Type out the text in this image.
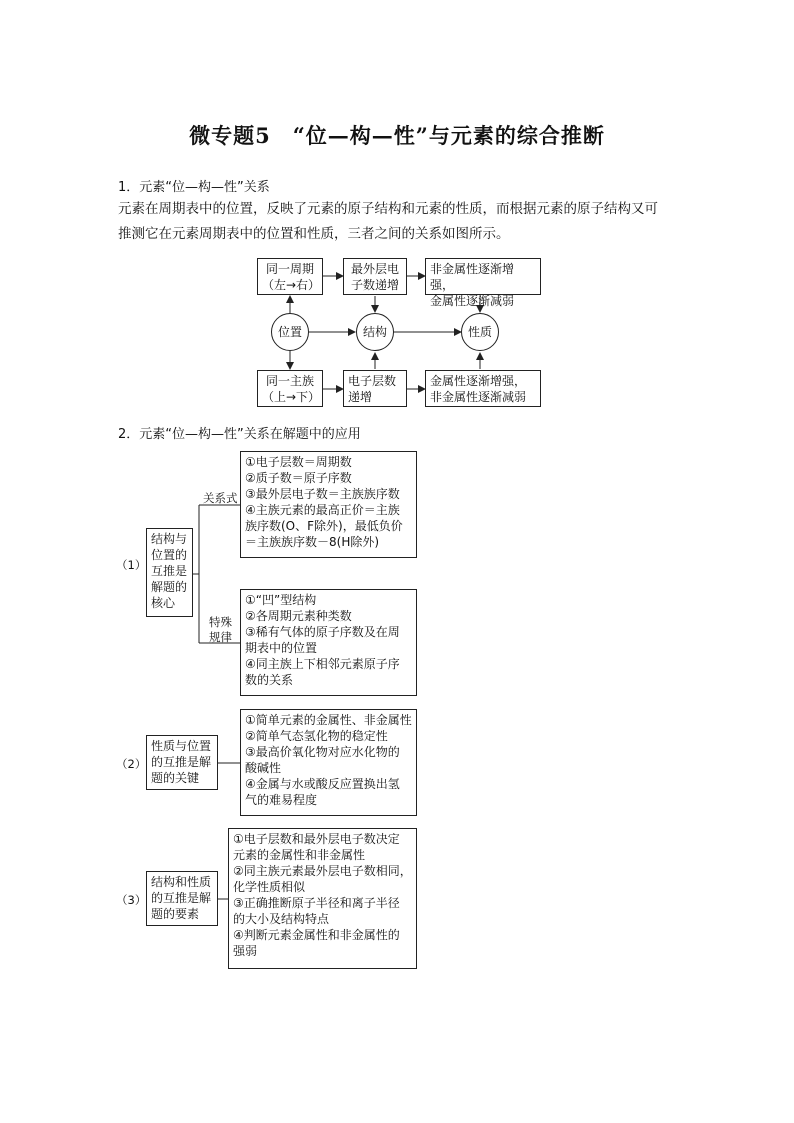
微专题5　“位—构—性”与元素的综合推断
1．元素“位—构—性”关系
元素在周期表中的位置，反映了元素的原子结构和元素的性质，而根据元素的原子结构又可
推测它在元素周期表中的位置和性质，三者之间的关系如图所示。
同一周期
（左→右）
最外层电
子数递增
非金属性逐渐增强，
金属性逐渐减弱
位置	结构	性质
同一主族
（上→下）
电子层数
递增
金属性逐渐增强，
非金属性逐渐减弱
2．元素“位—构—性”关系在解题中的应用
（1）
结构与
位置的
互推是
解题的
核心
关系式
①电子层数＝周期数
②质子数＝原子序数
③最外层电子数＝主族族序数
④主族元素的最高正价＝主族
族序数(O、F除外)，最低负价
＝主族族序数－8(H除外)
特殊
规律
①“凹”型结构
②各周期元素种类数
③稀有气体的原子序数及在周
期表中的位置
④同主族上下相邻元素原子序
数的关系
（2）
性质与位置
的互推是解
题的关键
①简单元素的金属性、非金属性
②简单气态氢化物的稳定性
③最高价氧化物对应水化物的
酸碱性
④金属与水或酸反应置换出氢
气的难易程度
（3）
结构和性质
的互推是解
题的要素
①电子层数和最外层电子数决定
元素的金属性和非金属性
②同主族元素最外层电子数相同，
化学性质相似
③正确推断原子半径和离子半径
的大小及结构特点
④判断元素金属性和非金属性的
强弱
